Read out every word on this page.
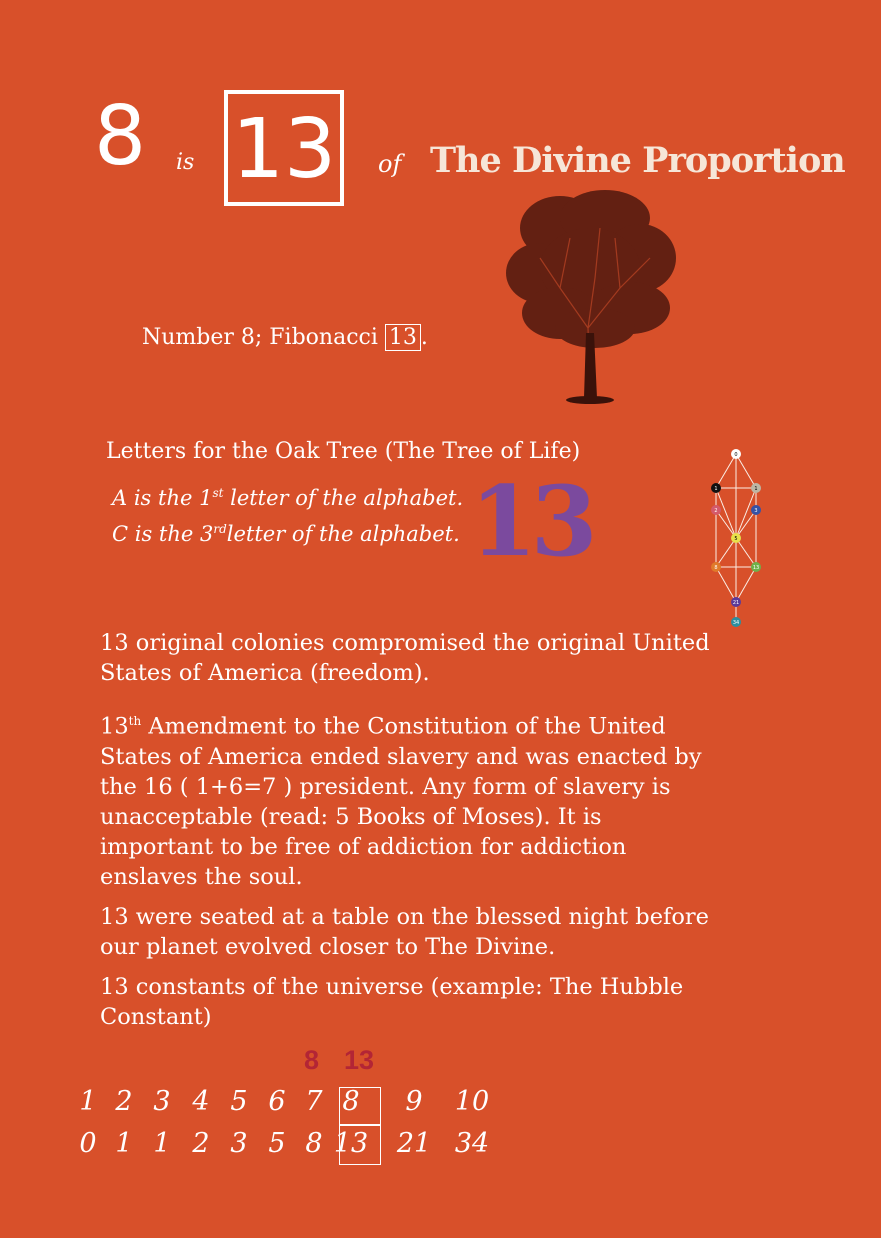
8 is 13	of The Divine Proportion
Number 8; Fibonacci 13 .
Letters for the Oak Tree (The Tree of Life)
A is the 1st letter of the alphabet.
C is the 3rdletter of the alphabet. 13
0
1	1
2	3
5
8	13
21
34
13 original colonies compromised the original United States of America (freedom).
13th Amendment to the Constitution of the United States of America ended slavery and was enacted by the 16 ( 1+6=7 ) president. Any form of slavery is unacceptable (read: 5 Books of Moses). It is important to be free of addiction for addiction enslaves the soul.
13 were seated at a table on the blessed night before our planet evolved closer to The Divine.
13 constants of the universe (example: The Hubble Constant)
8 13
1 2 3 4 5 6 7 8	9	10
0 1 1 2 3 5 8 13 21 34
